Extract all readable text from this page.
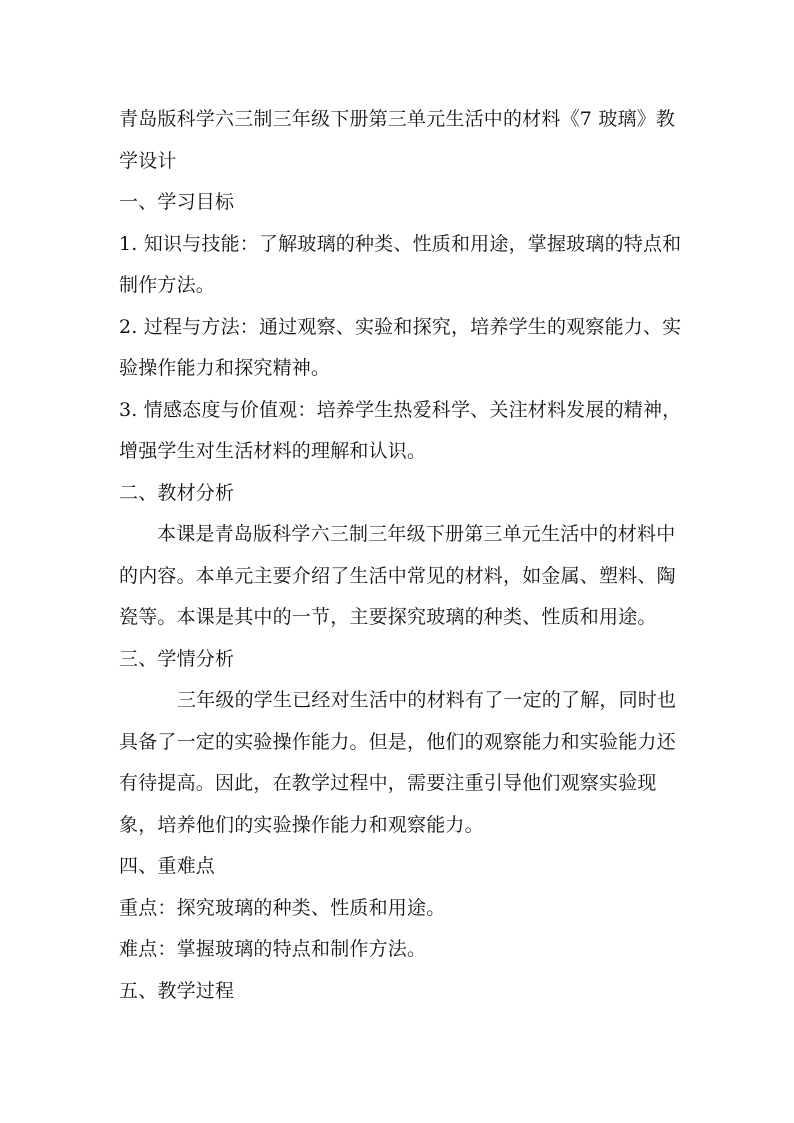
青岛版科学六三制三年级下册第三单元生活中的材料《7 玻璃》教学设计

一、学习目标

1. 知识与技能：了解玻璃的种类、性质和用途，掌握玻璃的特点和制作方法。

2. 过程与方法：通过观察、实验和探究，培养学生的观察能力、实验操作能力和探究精神。

3. 情感态度与价值观：培养学生热爱科学、关注材料发展的精神，增强学生对生活材料的理解和认识。

二、教材分析

本课是青岛版科学六三制三年级下册第三单元生活中的材料中的内容。本单元主要介绍了生活中常见的材料，如金属、塑料、陶瓷等。本课是其中的一节，主要探究玻璃的种类、性质和用途。

三、学情分析

三年级的学生已经对生活中的材料有了一定的了解，同时也具备了一定的实验操作能力。但是，他们的观察能力和实验能力还有待提高。因此，在教学过程中，需要注重引导他们观察实验现象，培养他们的实验操作能力和观察能力。

四、重难点

重点：探究玻璃的种类、性质和用途。

难点：掌握玻璃的特点和制作方法。

五、教学过程
